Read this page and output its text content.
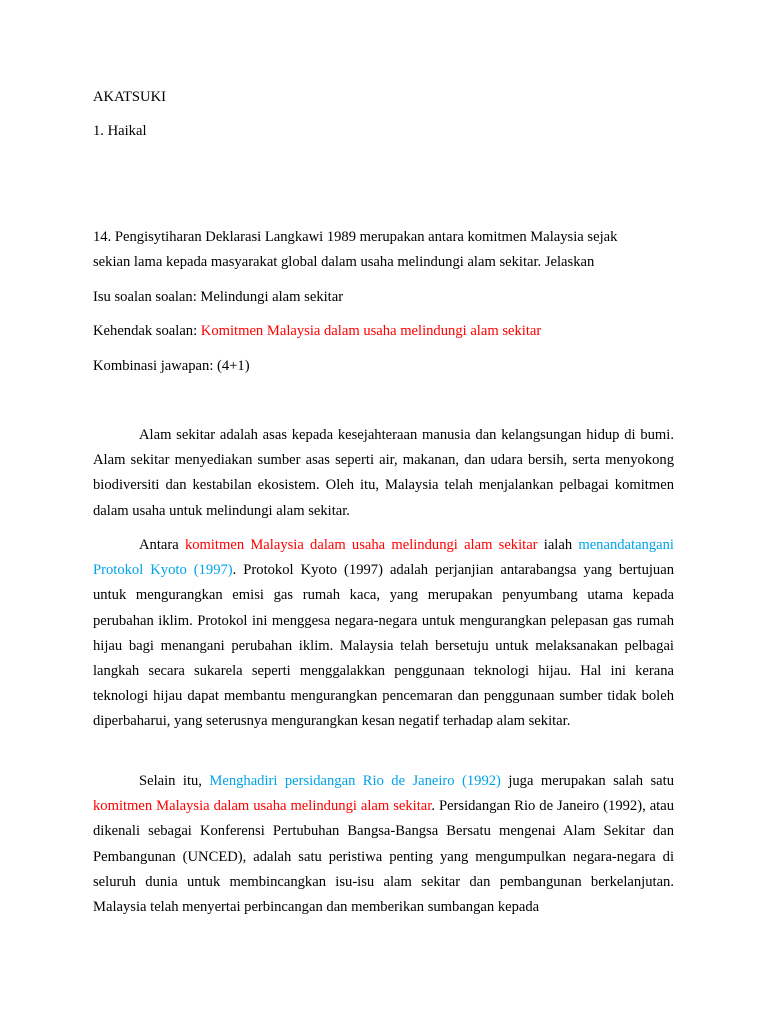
AKATSUKI
1. Haikal
14. Pengisytiharan Deklarasi Langkawi 1989 merupakan antara komitmen Malaysia sejak
sekian lama kepada masyarakat global dalam usaha melindungi alam sekitar. Jelaskan
Isu soalan soalan: Melindungi alam sekitar
Kehendak soalan: Komitmen Malaysia dalam usaha melindungi alam sekitar
Kombinasi jawapan: (4+1)

Alam sekitar adalah asas kepada kesejahteraan manusia dan kelangsungan hidup di bumi. Alam sekitar menyediakan sumber asas seperti air, makanan, dan udara bersih, serta menyokong biodiversiti dan kestabilan ekosistem. Oleh itu, Malaysia telah menjalankan pelbagai komitmen dalam usaha untuk melindungi alam sekitar.

Antara komitmen Malaysia dalam usaha melindungi alam sekitar ialah menandatangani Protokol Kyoto (1997). Protokol Kyoto (1997) adalah perjanjian antarabangsa yang bertujuan untuk mengurangkan emisi gas rumah kaca, yang merupakan penyumbang utama kepada perubahan iklim. Protokol ini menggesa negara-negara untuk mengurangkan pelepasan gas rumah hijau bagi menangani perubahan iklim. Malaysia telah bersetuju untuk melaksanakan pelbagai langkah secara sukarela seperti menggalakkan penggunaan teknologi hijau. Hal ini kerana teknologi hijau dapat membantu mengurangkan pencemaran dan penggunaan sumber tidak boleh diperbaharui, yang seterusnya mengurangkan kesan negatif terhadap alam sekitar.

Selain itu, Menghadiri persidangan Rio de Janeiro (1992) juga merupakan salah satu komitmen Malaysia dalam usaha melindungi alam sekitar. Persidangan Rio de Janeiro (1992), atau dikenali sebagai Konferensi Pertubuhan Bangsa-Bangsa Bersatu mengenai Alam Sekitar dan Pembangunan (UNCED), adalah satu peristiwa penting yang mengumpulkan negara-negara di seluruh dunia untuk membincangkan isu-isu alam sekitar dan pembangunan berkelanjutan. Malaysia telah menyertai perbincangan dan memberikan sumbangan kepada
